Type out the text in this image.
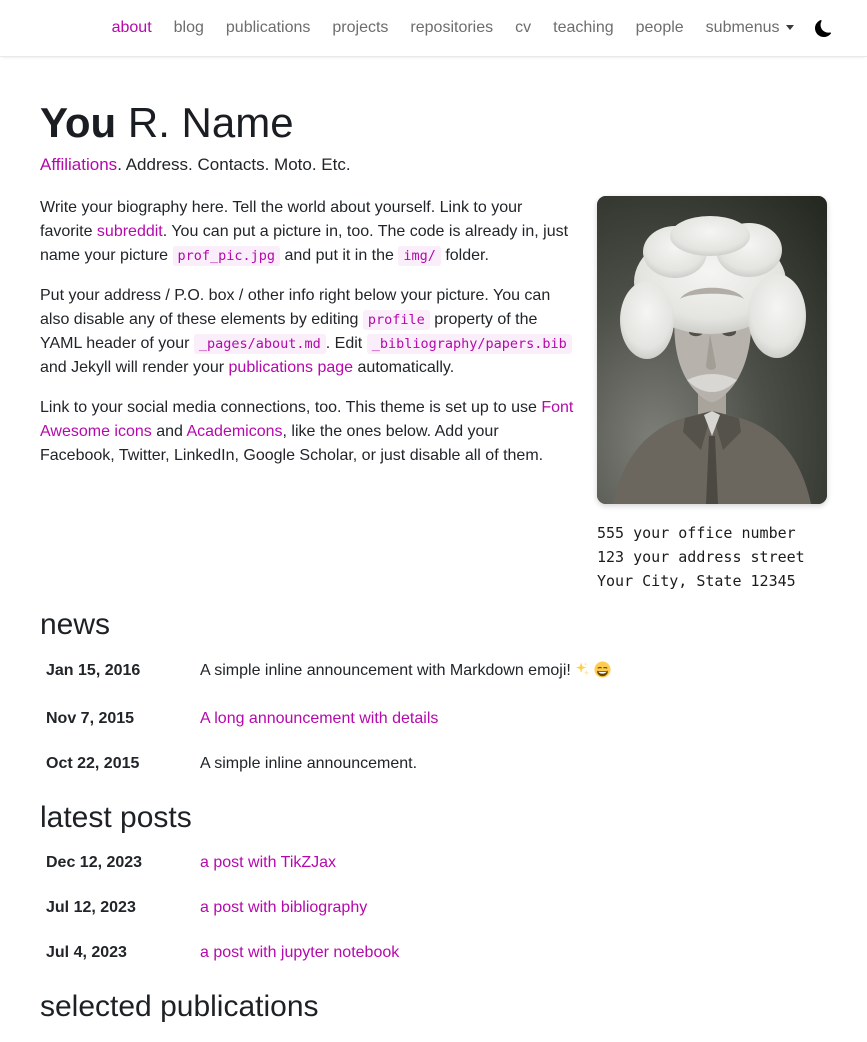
about	blog	publications	projects	repositories	cv	teaching	people	submenus
You R. Name

Affiliations. Address. Contacts. Moto. Etc.

555 your office number
123 your address street
Your City, State 12345

Write your biography here. Tell the world about yourself. Link to your favorite subreddit. You can put a picture in, too. The code is already in, just name your picture prof_pic.jpg and put it in the img/ folder.

Put your address / P.O. box / other info right below your picture. You can also disable any of these elements by editing profile property of the YAML header of your _pages/about.md . Edit _bibliography/papers.bib and Jekyll will render your publications page automatically.

Link to your social media connections, too. This theme is set up to use Font Awesome icons and Academicons, like the ones below. Add your Facebook, Twitter, LinkedIn, Google Scholar, or just disable all of them.

news
Jan 15, 2016	A simple inline announcement with Markdown emoji!
Nov 7, 2015	A long announcement with details
Oct 22, 2015	A simple inline announcement.
latest posts
Dec 12, 2023	a post with TikZJax
Jul 12, 2023	a post with bibliography
Jul 4, 2023	a post with jupyter notebook
selected publications
